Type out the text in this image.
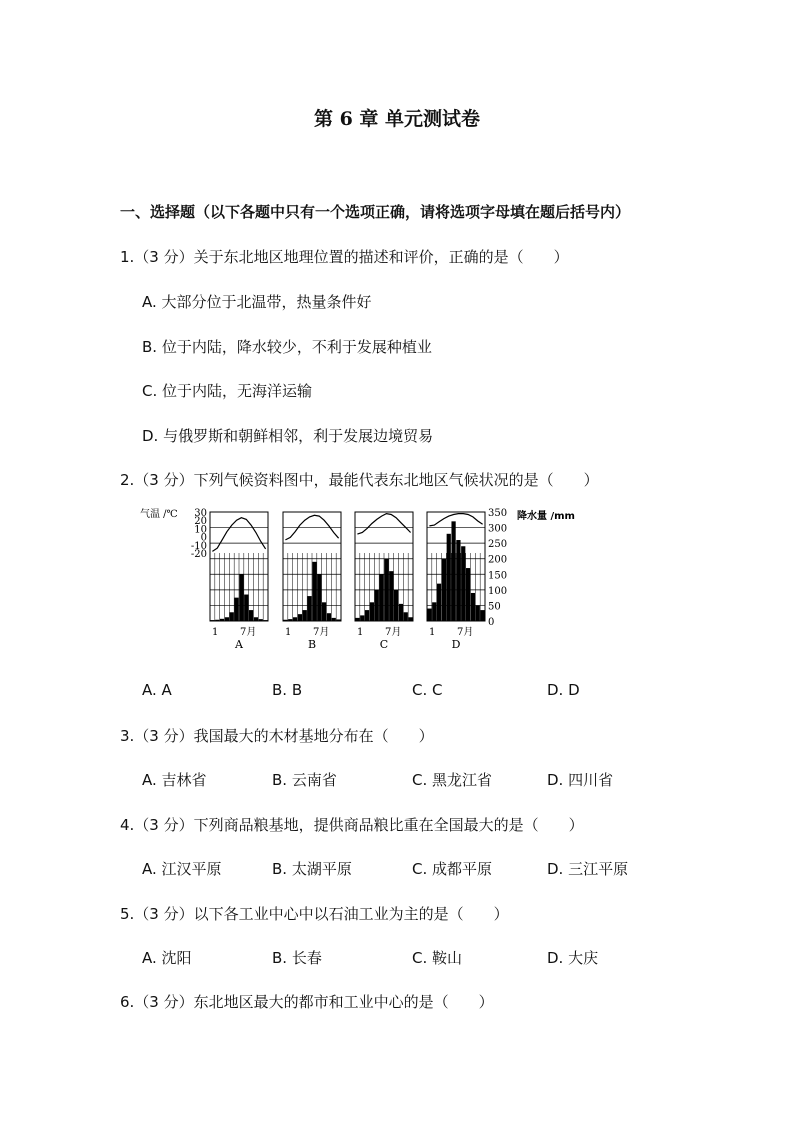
第 6 章 单元测试卷
一、选择题（以下各题中只有一个选项正确，请将选项字母填在题后括号内）
1.（3 分）关于东北地区地理位置的描述和评价，正确的是（　　）
A. 大部分位于北温带，热量条件好
B. 位于内陆，降水较少，不利于发展种植业
C. 位于内陆，无海洋运输
D. 与俄罗斯和朝鲜相邻，利于发展边境贸易
2.（3 分）下列气候资料图中，最能代表东北地区气候状况的是（　　）
气温 /℃	降水量 /mm
30
20
10
0
-10
-20
350
300
250
200
150
100
50
0
1 7月
A
1 7月
B
1 7月
C
1 7月
D
A. A	B. B	C. C	D. D
3.（3 分）我国最大的木材基地分布在（　　）
A. 吉林省	B. 云南省	C. 黑龙江省	D. 四川省
4.（3 分）下列商品粮基地，提供商品粮比重在全国最大的是（　　）
A. 江汉平原	B. 太湖平原	C. 成都平原	D. 三江平原
5.（3 分）以下各工业中心中以石油工业为主的是（　　）
A. 沈阳	B. 长春	C. 鞍山	D. 大庆
6.（3 分）东北地区最大的都市和工业中心的是（　　）
